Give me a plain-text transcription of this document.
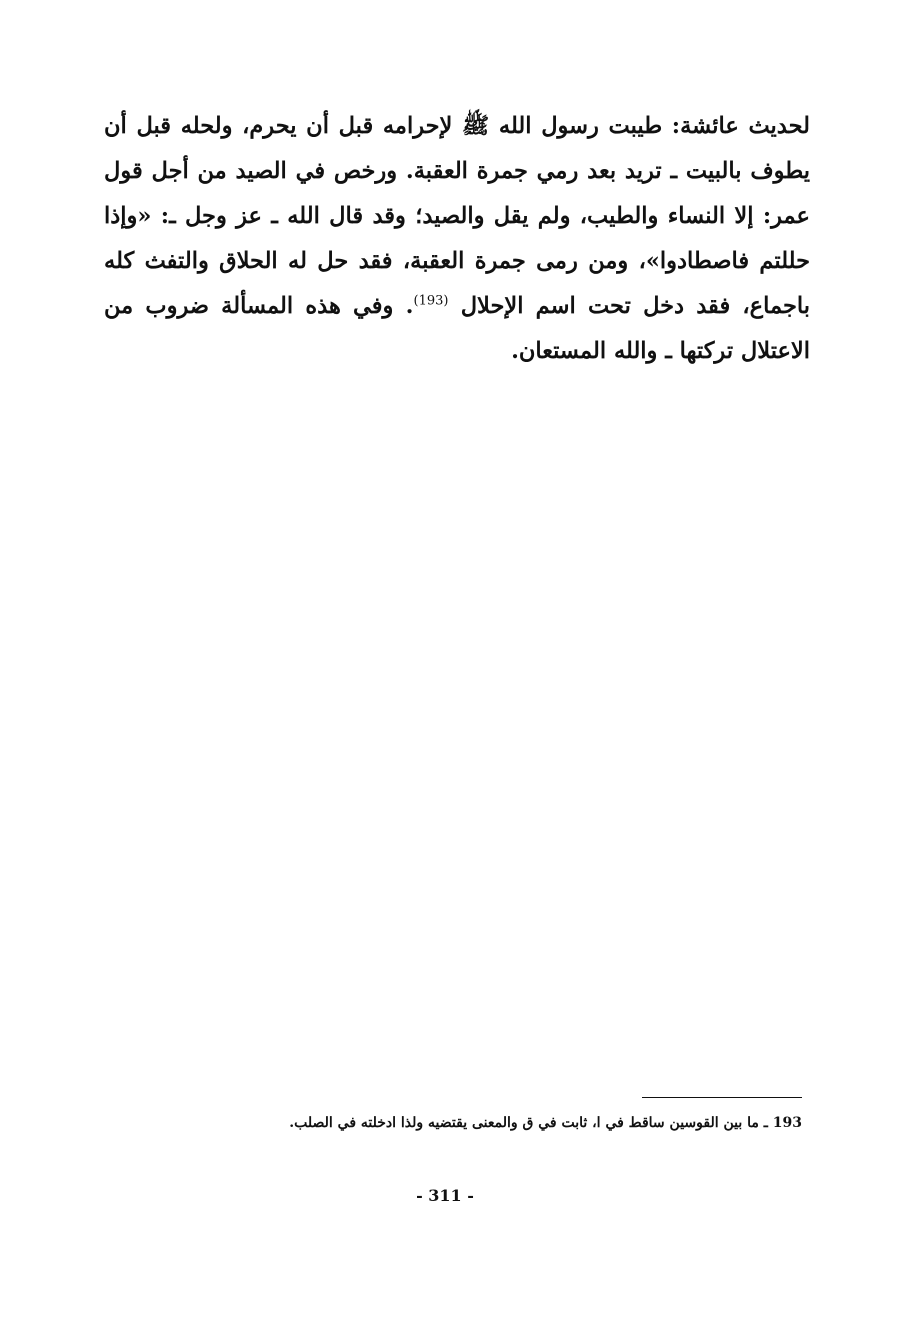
لحديث عائشة: طيبت رسول الله ﷺ لإحرامه قبل أن يحرم، ولحله قبل أن يطوف بالبيت ـ تريد بعد رمي جمرة العقبة. ورخص في الصيد من أجل قول عمر: إلا النساء والطيب، ولم يقل والصيد؛ وقد قال الله ـ عز وجل ـ: «وإذا حللتم فاصطادوا»، ومن رمى جمرة العقبة، فقد حل له الحلاق والتفث كله باجماع، فقد دخل تحت اسم الإحلال $^{(193)}$. وفي هذه المسألة ضروب من الاعتلال تركتها ـ والله المستعان.

193 ـ ما بين القوسين ساقط في ا، ثابت في ق والمعنى يقتضيه ولذا ادخلته في الصلب.

- 311 -
